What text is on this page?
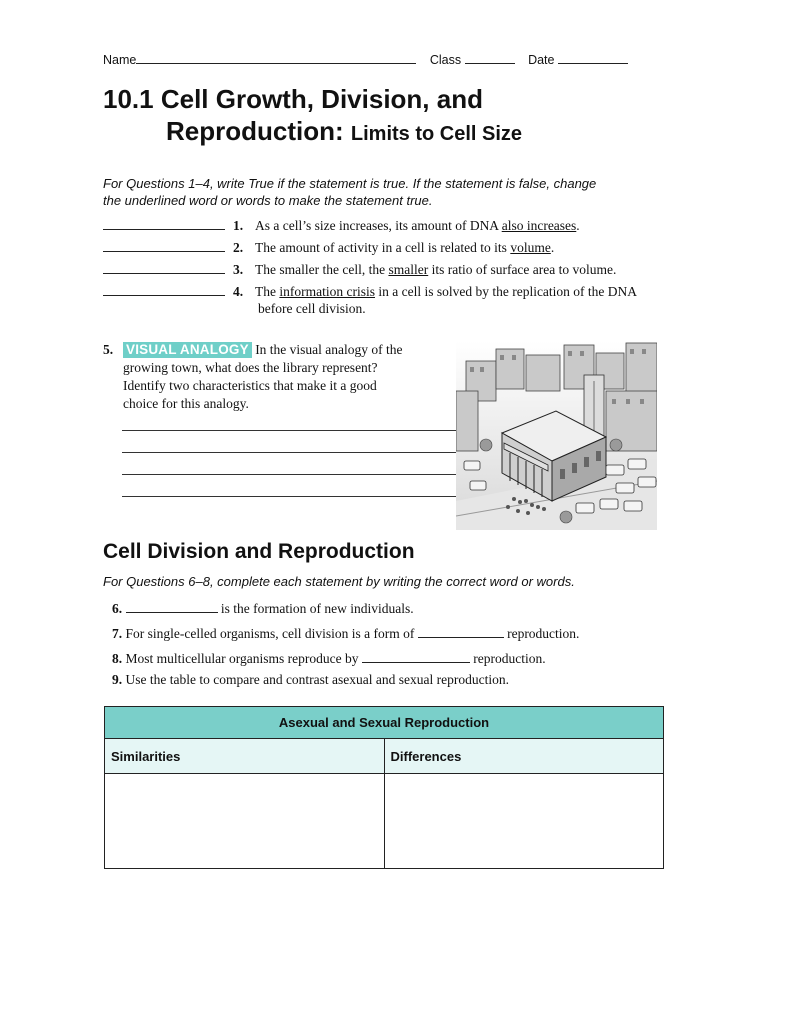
Name	Class	Date
10.1 Cell Growth, Division, and
Reproduction: Limits to Cell Size
For Questions 1–4, write True if the statement is true. If the statement is false, change
the underlined word or words to make the statement true.
1. As a cell’s size increases, its amount of DNA also increases.
2. The amount of activity in a cell is related to its volume.
3. The smaller the cell, the smaller its ratio of surface area to volume.
4. The information crisis in a cell is solved by the replication of the DNA
before cell division.
5. VISUAL ANALOGY In the visual analogy of the
growing town, what does the library represent?
Identify two characteristics that make it a good
choice for this analogy.
Cell Division and Reproduction
For Questions 6–8, complete each statement by writing the correct word or words.
6.	is the formation of new individuals.
7. For single-celled organisms, cell division is a form of	reproduction.
8. Most multicellular organisms reproduce by	reproduction.
9. Use the table to compare and contrast asexual and sexual reproduction.
Asexual and Sexual Reproduction	
Similarities	Differences
